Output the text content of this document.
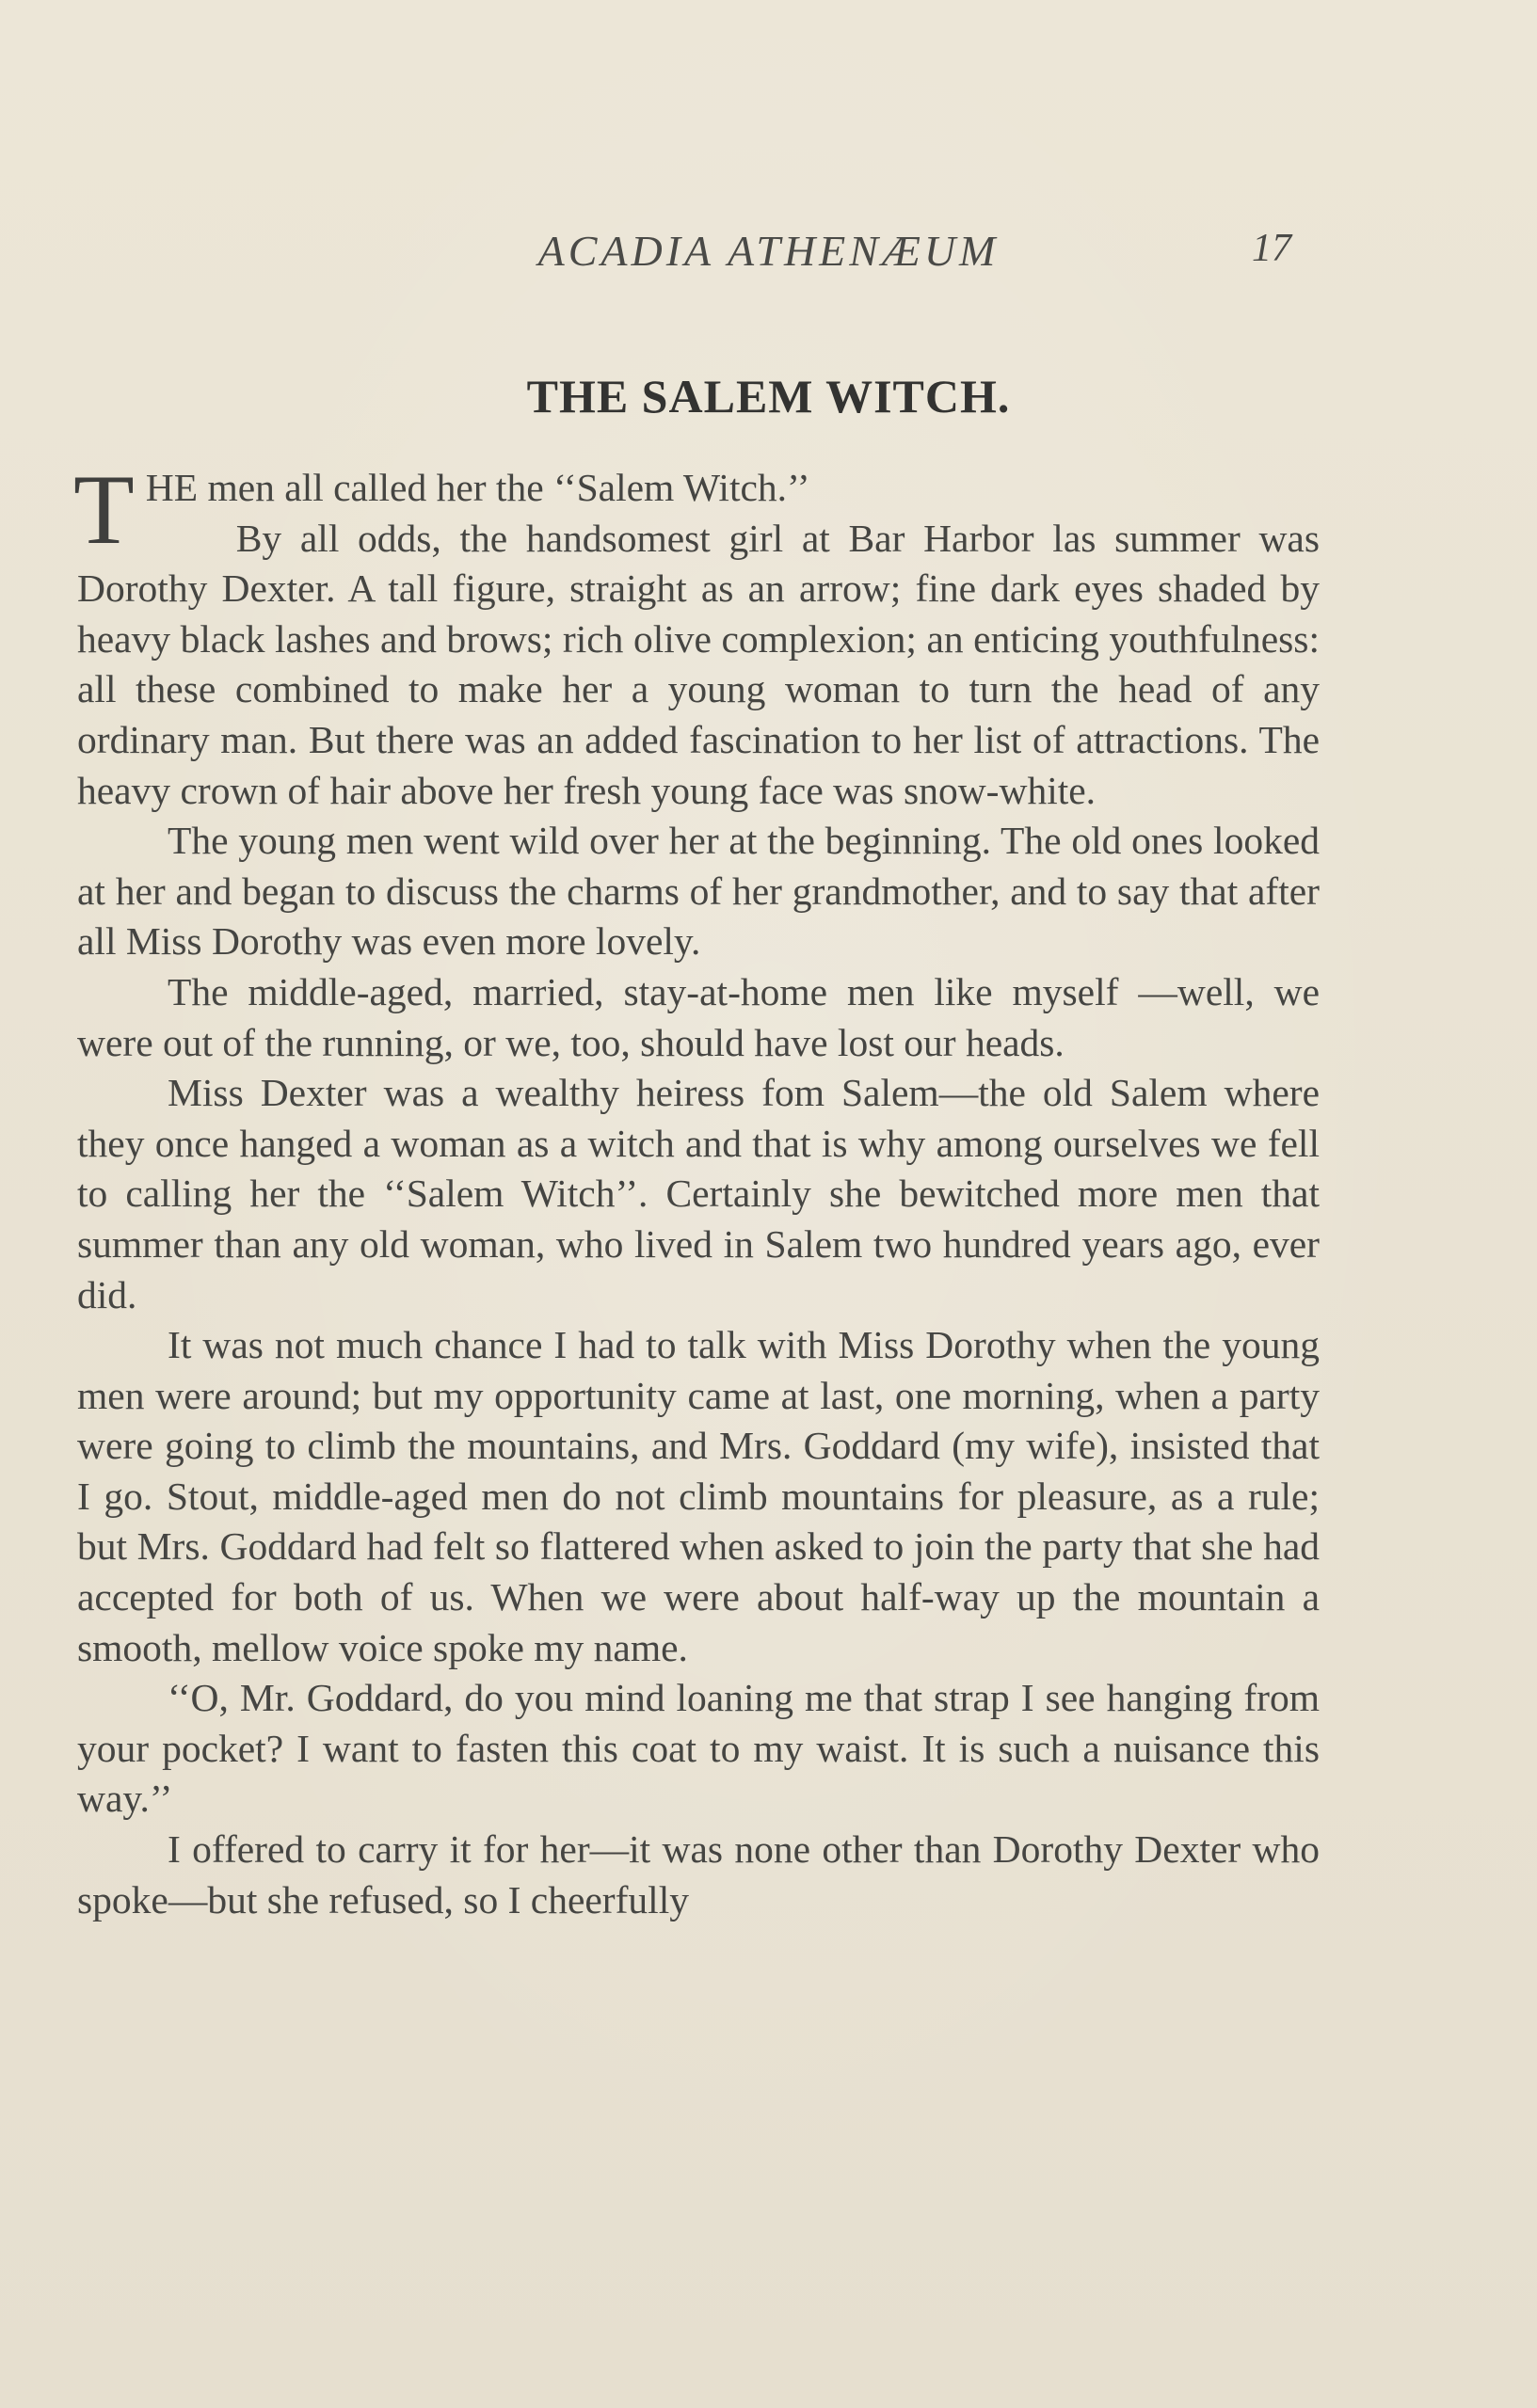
ACADIA ATHENÆUM	17
THE SALEM WITCH.

THE men all called her the ‘‘Salem Witch.’’

By all odds, the handsomest girl at Bar Harbor las summer was Dorothy Dexter. A tall figure, straight as an arrow; fine dark eyes shaded by heavy black lashes and brows; rich olive complexion; an enticing youthfulness: all these combined to make her a young woman to turn the head of any ordinary man. But there was an added fascination to her list of attractions. The heavy crown of hair above her fresh young face was snow-white.

The young men went wild over her at the beginning. The old ones looked at her and began to discuss the charms of her grandmother, and to say that after all Miss Dorothy was even more lovely.

The middle-aged, married, stay-at-home men like myself —well, we were out of the running, or we, too, should have lost our heads.

Miss Dexter was a wealthy heiress fom Salem—the old Salem where they once hanged a woman as a witch and that is why among ourselves we fell to calling her the ‘‘Salem Witch’’. Certainly she bewitched more men that summer than any old woman, who lived in Salem two hundred years ago, ever did.

It was not much chance I had to talk with Miss Dorothy when the young men were around; but my opportunity came at last, one morning, when a party were going to climb the mountains, and Mrs. Goddard (my wife), insisted that I go. Stout, middle-aged men do not climb mountains for pleasure, as a rule; but Mrs. Goddard had felt so flattered when asked to join the party that she had accepted for both of us. When we were about half-way up the mountain a smooth, mellow voice spoke my name.

‘‘O, Mr. Goddard, do you mind loaning me that strap I see hanging from your pocket? I want to fasten this coat to my waist. It is such a nuisance this way.’’

I offered to carry it for her—it was none other than Dorothy Dexter who spoke—but she refused, so I cheerfully
